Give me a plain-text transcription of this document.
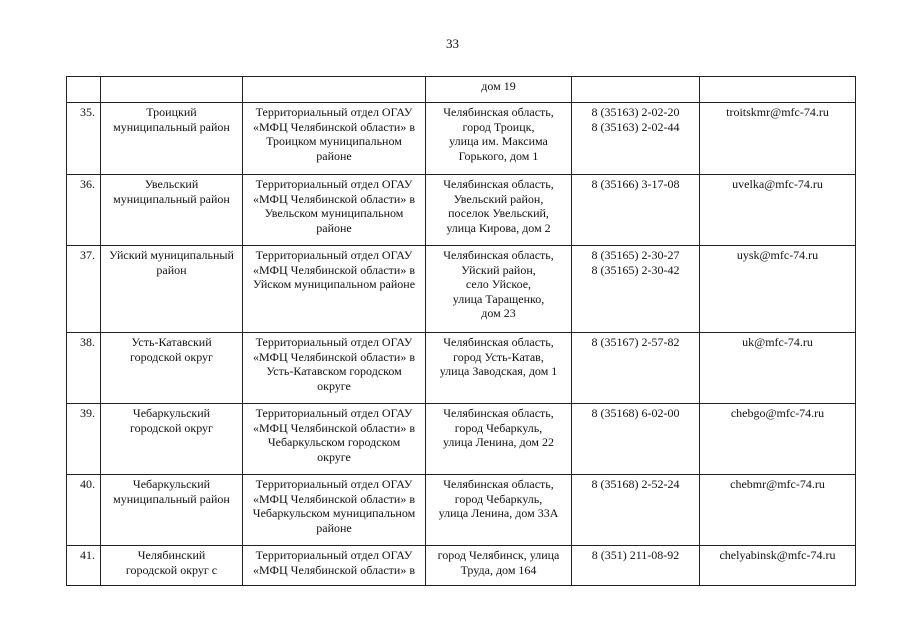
33
			дом 19		
35.	Троицкий
муниципальный район	Территориальный отдел ОГАУ
«МФЦ Челябинской области» в
Троицком муниципальном
районе	Челябинская область,
город Троицк,
улица им. Максима
Горького, дом 1	8 (35163) 2-02-20
8 (35163) 2-02-44	troitskmr@mfc-74.ru
36.	Увельский
муниципальный район	Территориальный отдел ОГАУ
«МФЦ Челябинской области» в
Увельском муниципальном
районе	Челябинская область,
Увельский район,
поселок Увельский,
улица Кирова, дом 2	8 (35166) 3-17-08	uvelka@mfc-74.ru
37.	Уйский муниципальный
район	Территориальный отдел ОГАУ
«МФЦ Челябинской области» в
Уйском муниципальном районе	Челябинская область,
Уйский район,
село Уйское,
улица Таращенко,
дом 23	8 (35165) 2-30-27
8 (35165) 2-30-42	uysk@mfc-74.ru
38.	Усть-Катавский
городской округ	Территориальный отдел ОГАУ
«МФЦ Челябинской области» в
Усть-Катавском городском
округе	Челябинская область,
город Усть-Катав,
улица Заводская, дом 1	8 (35167) 2-57-82	uk@mfc-74.ru
39.	Чебаркульский
городской округ	Территориальный отдел ОГАУ
«МФЦ Челябинской области» в
Чебаркульском городском
округе	Челябинская область,
город Чебаркуль,
улица Ленина, дом 22	8 (35168) 6-02-00	chebgo@mfc-74.ru
40.	Чебаркульский
муниципальный район	Территориальный отдел ОГАУ
«МФЦ Челябинской области» в
Чебаркульском муниципальном
районе	Челябинская область,
город Чебаркуль,
улица Ленина, дом 33А	8 (35168) 2-52-24	chebmr@mfc-74.ru
41.	Челябинский
городской округ с	Территориальный отдел ОГАУ
«МФЦ Челябинской области» в	город Челябинск, улица
Труда, дом 164	8 (351) 211-08-92	chelyabinsk@mfc-74.ru
